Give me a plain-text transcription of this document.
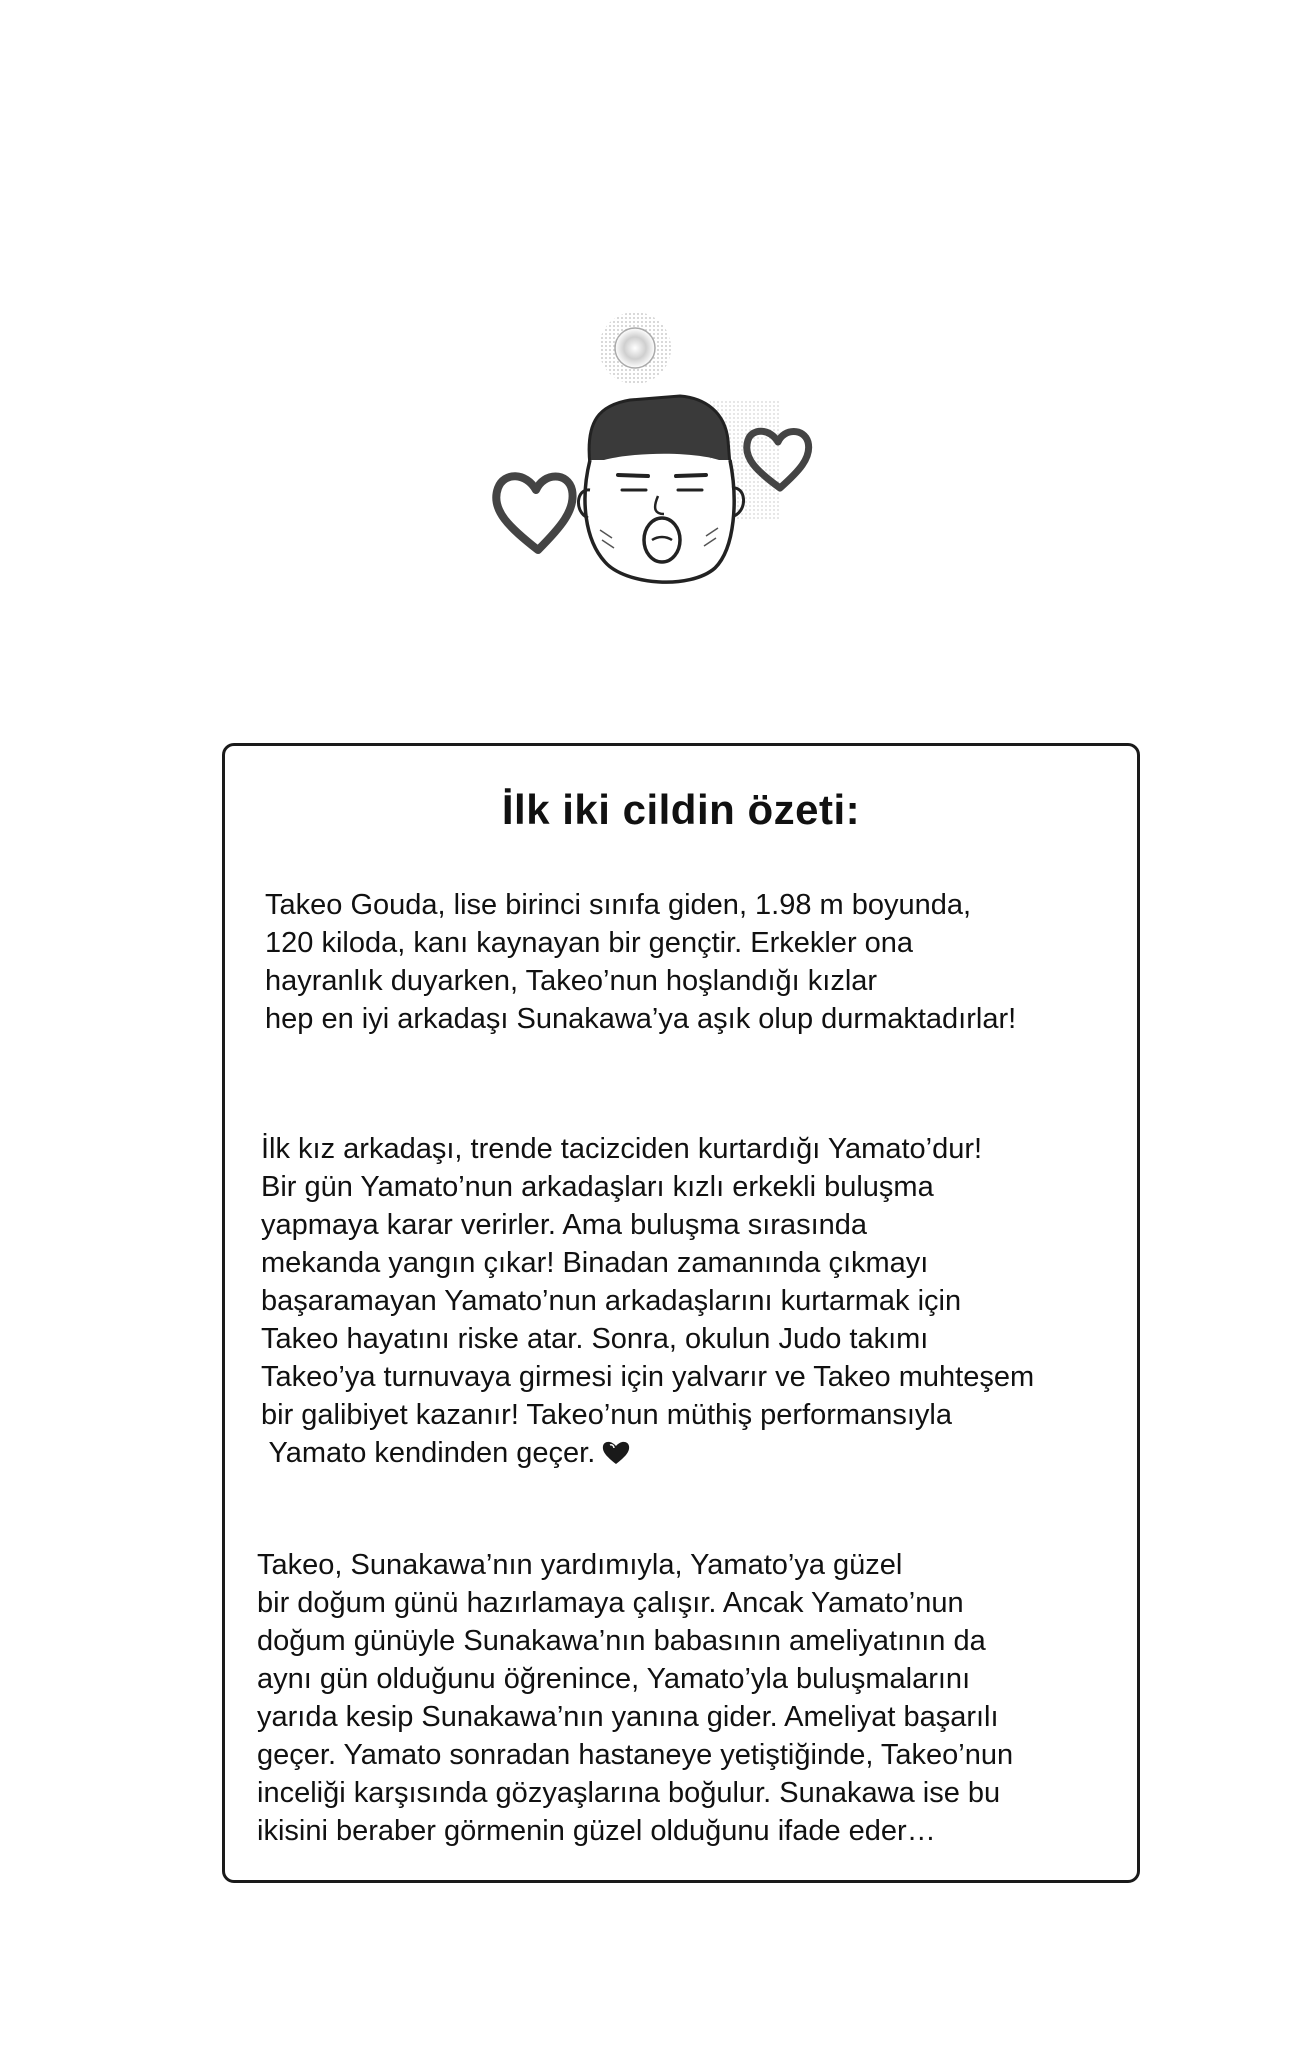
İlk iki cildin özeti:
Takeo Gouda, lise birinci sınıfa giden, 1.98 m boyunda,
120 kiloda, kanı kaynayan bir gençtir. Erkekler ona
hayranlık duyarken, Takeo’nun hoşlandığı kızlar
hep en iyi arkadaşı Sunakawa’ya aşık olup durmaktadırlar!
İlk kız arkadaşı, trende tacizciden kurtardığı Yamato’dur!
Bir gün Yamato’nun arkadaşları kızlı erkekli buluşma
yapmaya karar verirler. Ama buluşma sırasında
mekanda yangın çıkar! Binadan zamanında çıkmayı
başaramayan Yamato’nun arkadaşlarını kurtarmak için
Takeo hayatını riske atar. Sonra, okulun Judo takımı
Takeo’ya turnuvaya girmesi için yalvarır ve Takeo muhteşem
bir galibiyet kazanır! Takeo’nun müthiş performansıyla
Yamato kendinden geçer.
Takeo, Sunakawa’nın yardımıyla, Yamato’ya güzel
bir doğum günü hazırlamaya çalışır. Ancak Yamato’nun
doğum günüyle Sunakawa’nın babasının ameliyatının da
aynı gün olduğunu öğrenince, Yamato’yla buluşmalarını
yarıda kesip Sunakawa’nın yanına gider. Ameliyat başarılı
geçer. Yamato sonradan hastaneye yetiştiğinde, Takeo’nun
inceliği karşısında gözyaşlarına boğulur. Sunakawa ise bu
ikisini beraber görmenin güzel olduğunu ifade eder…
